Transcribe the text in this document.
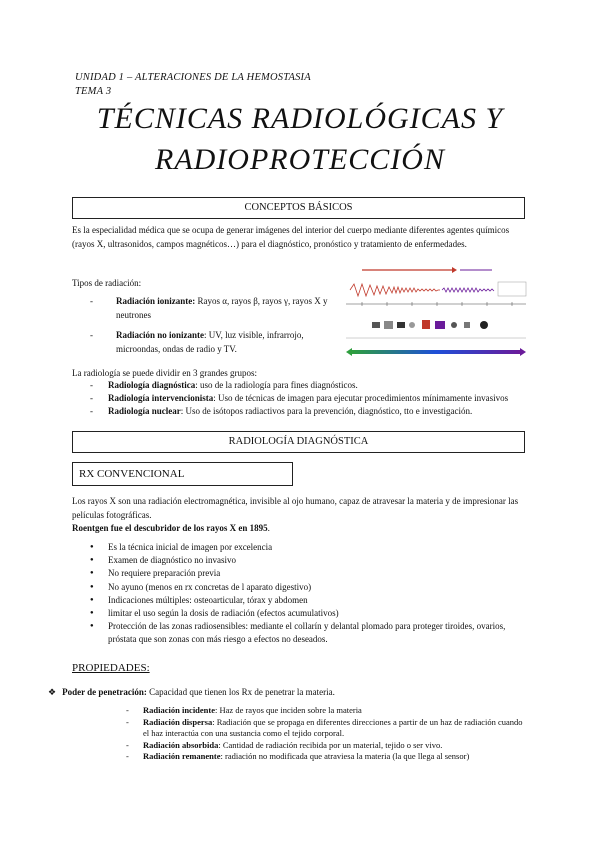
UNIDAD 1 – ALTERACIONES DE LA HEMOSTASIA
TEMA 3
TÉCNICAS RADIOLÓGICAS Y
RADIOPROTECCIÓN
CONCEPTOS BÁSICOS
Es la especialidad médica que se ocupa de generar imágenes del interior del cuerpo mediante diferentes agentes químicos (rayos X, ultrasonidos, campos magnéticos…) para el diagnóstico, pronóstico y tratamiento de enfermedades.
Tipos de radiación:
- Radiación ionizante: Rayos α, rayos β, rayos γ, rayos X y neutrones
- Radiación no ionizante: UV, luz visible, infrarrojo, microondas, ondas de radio y TV.
La radiología se puede dividir en 3 grandes grupos:
- Radiología diagnóstica: uso de la radiología para fines diagnósticos.
- Radiología intervencionista: Uso de técnicas de imagen para ejecutar procedimientos mínimamente invasivos
- Radiología nuclear: Uso de isótopos radiactivos para la prevención, diagnóstico, tto e investigación.
RADIOLOGÍA DIAGNÓSTICA
RX CONVENCIONAL
Los rayos X son una radiación electromagnética, invisible al ojo humano, capaz de atravesar la materia y de impresionar las películas fotográficas.
Roentgen fue el descubridor de los rayos X en 1895.
● Es la técnica inicial de imagen por excelencia
● Examen de diagnóstico no invasivo
● No requiere preparación previa
● No ayuno (menos en rx concretas de l aparato digestivo)
● Indicaciones múltiples: osteoarticular, tórax y abdomen
● limitar el uso según la dosis de radiación (efectos acumulativos)
● Protección de las zonas radiosensibles: mediante el collarín y delantal plomado para proteger tiroides, ovarios, próstata que son zonas con más riesgo a efectos no deseados.
PROPIEDADES:
❖ Poder de penetración: Capacidad que tienen los Rx de penetrar la materia.
- Radiación incidente: Haz de rayos que inciden sobre la materia
- Radiación dispersa: Radiación que se propaga en diferentes direcciones a partir de un haz de radiación cuando el haz interactúa con una sustancia como el tejido corporal.
- Radiación absorbida: Cantidad de radiación recibida por un material, tejido o ser vivo.
- Radiación remanente: radiación no modificada que atraviesa la materia (la que llega al sensor)
